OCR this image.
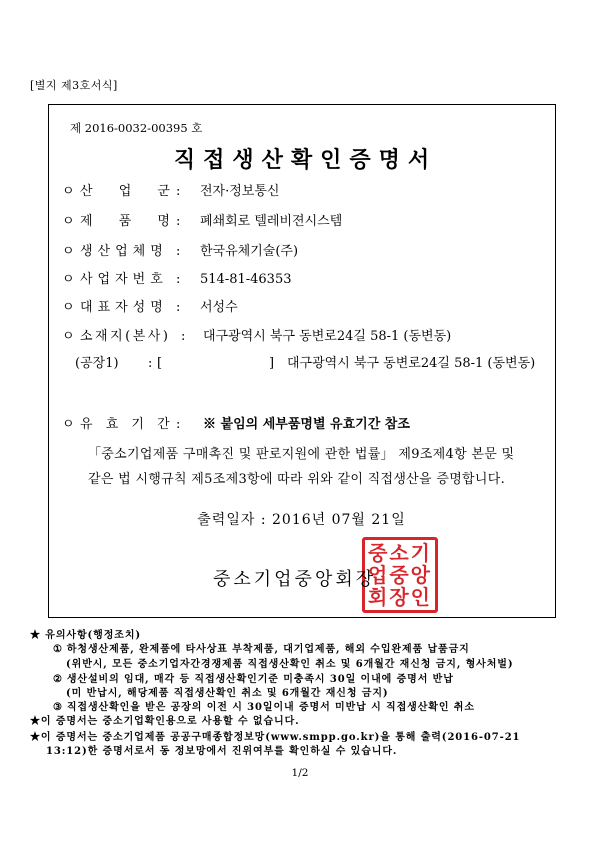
[별지 제3호서식]
제 2016-0032-00395 호
직접생산확인증명서
ㅇ 산 업 군 : 전자·정보통신
ㅇ 제 품 명 : 폐쇄회로 텔레비젼시스템
ㅇ 생산업체명 : 한국유체기술(주)
ㅇ 사업자번호 : 514-81-46353
ㅇ 대표자성명 : 서성수
ㅇ 소재지(본사) : 대구광역시 북구 동변로24길 58-1 (동변동)
(공장1) : [	] 대구광역시 북구 동변로24길 58-1 (동변동)
ㅇ 유 효 기 간 : ※ 붙임의 세부품명별 유효기간 참조
「중소기업제품 구매촉진 및 판로지원에 관한 법률」 제9조제4항 본문 및
같은 법 시행규칙 제5조제3항에 따라 위와 같이 직접생산을 증명합니다.
출력일자 : 2016년 07월 21일
중소기업중앙회장
중소기업중앙회장인
★ 유의사항(행정조치)
① 하청생산제품, 완제품에 타사상표 부착제품, 대기업제품, 해외 수입완제품 납품금지
(위반시, 모든 중소기업자간경쟁제품 직접생산확인 취소 및 6개월간 재신청 금지, 형사처벌)
② 생산설비의 임대, 매각 등 직접생산확인기준 미충족시 30일 이내에 증명서 반납
(미 반납시, 해당제품 직접생산확인 취소 및 6개월간 재신청 금지)
③ 직접생산확인을 받은 공장의 이전 시 30일이내 증명서 미반납 시 직접생산확인 취소
★이 증명서는 중소기업확인용으로 사용할 수 없습니다.
★이 증명서는 중소기업제품 공공구매종합정보망(www.smpp.go.kr)을 통해 출력(2016-07-21
13:12)한 증명서로서 동 정보망에서 진위여부를 확인하실 수 있습니다.
1/2
